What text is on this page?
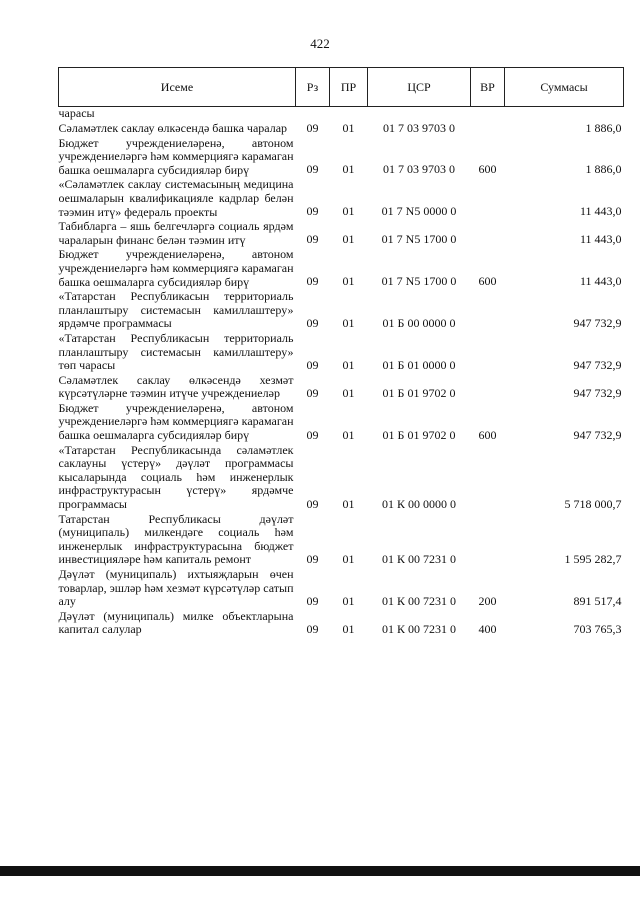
422
Исеме	Рз	ПР	ЦСР	ВР	Суммасы
чарасы					
Сәламәтлек саклау өлкәсендә башка чаралар	09	01	01 7 03 9703 0		1 886,0
Бюджет учреждениеләренә, автоном учреждениеләргә һәм коммерциягә карамаган башка оешмаларга субсидияләр бирү	09	01	01 7 03 9703 0	600	1 886,0
«Сәламәтлек саклау системасының медицина оешмаларын квалификацияле кадрлар белән тәэмин итү» федераль проекты	09	01	01 7 N5 0000 0		11 443,0
Табибларга – яшь белгечләргә социаль ярдәм чараларын финанс белән тәэмин итү	09	01	01 7 N5 1700 0		11 443,0
Бюджет учреждениеләренә, автоном учреждениеләргә һәм коммерциягә карамаган башка оешмаларга субсидияләр бирү	09	01	01 7 N5 1700 0	600	11 443,0
«Татарстан Республикасын территориаль планлаштыру системасын камиллаштеру» ярдәмче программасы	09	01	01 Б 00 0000 0		947 732,9
«Татарстан Республикасын территориаль планлаштыру системасын камиллаштеру» төп чарасы	09	01	01 Б 01 0000 0		947 732,9
Сәламәтлек саклау өлкәсендә хезмәт күрсәтүләрне тәэмин итүче учреждениеләр	09	01	01 Б 01 9702 0		947 732,9
Бюджет учреждениеләренә, автоном учреждениеләргә һәм коммерциягә карамаган башка оешмаларга субсидияләр бирү	09	01	01 Б 01 9702 0	600	947 732,9
«Татарстан Республикасында сәламәтлек саклауны үстерү» дәүләт программасы кысаларында социаль һәм инженерлык инфраструктурасын үстерү» ярдәмче программасы	09	01	01 К 00 0000 0		5 718 000,7
Татарстан Республикасы дәүләт (муниципаль) милкендәге социаль һәм инженерлык инфраструктурасына бюджет инвестицияләре һәм капиталь ремонт	09	01	01 К 00 7231 0		1 595 282,7
Дәүләт (муниципаль) ихтыяҗларын өчен товарлар, эшләр һәм хезмәт күрсәтүләр сатып алу	09	01	01 К 00 7231 0	200	891 517,4
Дәүләт (муниципаль) милке объектларына капитал салулар	09	01	01 К 00 7231 0	400	703 765,3
